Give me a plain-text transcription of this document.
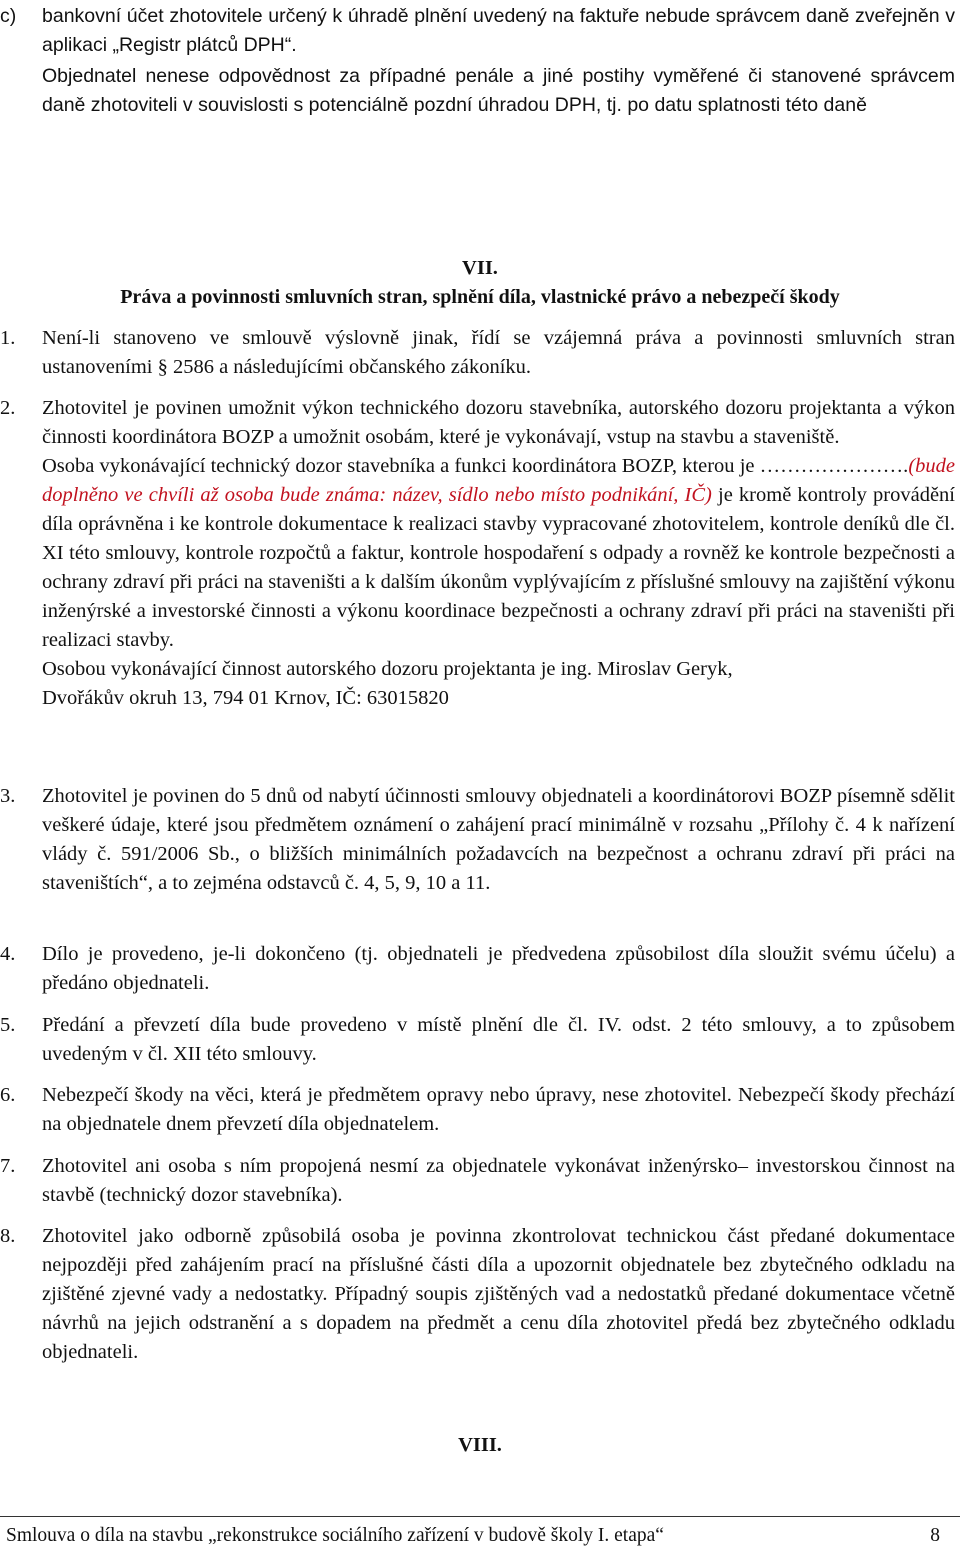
c)	bankovní účet zhotovitele určený k úhradě plnění uvedený na faktuře nebude správcem daně zveřejněn v aplikaci „Registr plátců DPH“.
Objednatel nenese odpovědnost za případné penále a jiné postihy vyměřené či stanovené správcem daně zhotoviteli v souvislosti s potenciálně pozdní úhradou DPH, tj. po datu splatnosti této daně
VII.
Práva a povinnosti smluvních stran, splnění díla, vlastnické právo a nebezpečí škody
1.	Není-li stanoveno ve smlouvě výslovně jinak, řídí se vzájemná práva a povinnosti smluvních stran ustanoveními § 2586 a následujícími občanského zákoníku.
2.	Zhotovitel je povinen umožnit výkon technického dozoru stavebníka, autorského dozoru projektanta a výkon činnosti koordinátora BOZP a umožnit osobám, které je vykonávají, vstup na stavbu a staveniště.
Osoba vykonávající technický dozor stavebníka a funkci koordinátora BOZP, kterou je ………………….(bude doplněno ve chvíli až osoba bude známa: název, sídlo nebo místo podnikání, IČ) je kromě kontroly provádění díla oprávněna i ke kontrole dokumentace k realizaci stavby vypracované zhotovitelem, kontrole deníků dle čl. XI této smlouvy, kontrole rozpočtů a faktur, kontrole hospodaření s odpady a rovněž ke kontrole bezpečnosti a ochrany zdraví při práci na staveništi a k dalším úkonům vyplývajícím z příslušné smlouvy na zajištění výkonu inženýrské a investorské činnosti a výkonu koordinace bezpečnosti a ochrany zdraví při práci na staveništi při realizaci stavby.
Osobou vykonávající činnost autorského dozoru projektanta je ing. Miroslav Geryk,
Dvořákův okruh 13, 794 01 Krnov, IČ: 63015820
3.	Zhotovitel je povinen do 5 dnů od nabytí účinnosti smlouvy objednateli a koordinátorovi BOZP písemně sdělit veškeré údaje, které jsou předmětem oznámení o zahájení prací minimálně v rozsahu „Přílohy č. 4 k nařízení vlády č. 591/2006 Sb., o bližších minimálních požadavcích na bezpečnost a ochranu zdraví při práci na staveništích“, a to zejména odstavců č. 4, 5, 9, 10 a 11.
4.	Dílo je provedeno, je-li dokončeno (tj. objednateli je předvedena způsobilost díla sloužit svému účelu) a předáno objednateli.
5.	Předání a převzetí díla bude provedeno v místě plnění dle čl. IV. odst. 2 této smlouvy, a to způsobem uvedeným v čl. XII této smlouvy.
6.	Nebezpečí škody na věci, která je předmětem opravy nebo úpravy, nese zhotovitel. Nebezpečí škody přechází na objednatele dnem převzetí díla objednatelem.
7.	Zhotovitel ani osoba s ním propojená nesmí za objednatele vykonávat inženýrsko– investorskou činnost na stavbě (technický dozor stavebníka).
8.	Zhotovitel jako odborně způsobilá osoba je povinna zkontrolovat technickou část předané dokumentace nejpozději před zahájením prací na příslušné části díla a upozornit objednatele bez zbytečného odkladu na zjištěné zjevné vady a nedostatky. Případný soupis zjištěných vad a nedostatků předané dokumentace včetně návrhů na jejich odstranění a s dopadem na předmět a cenu díla zhotovitel předá bez zbytečného odkladu objednateli.
VIII.
Smlouva o díla na stavbu „rekonstrukce sociálního zařízení v budově školy I. etapa“	8
